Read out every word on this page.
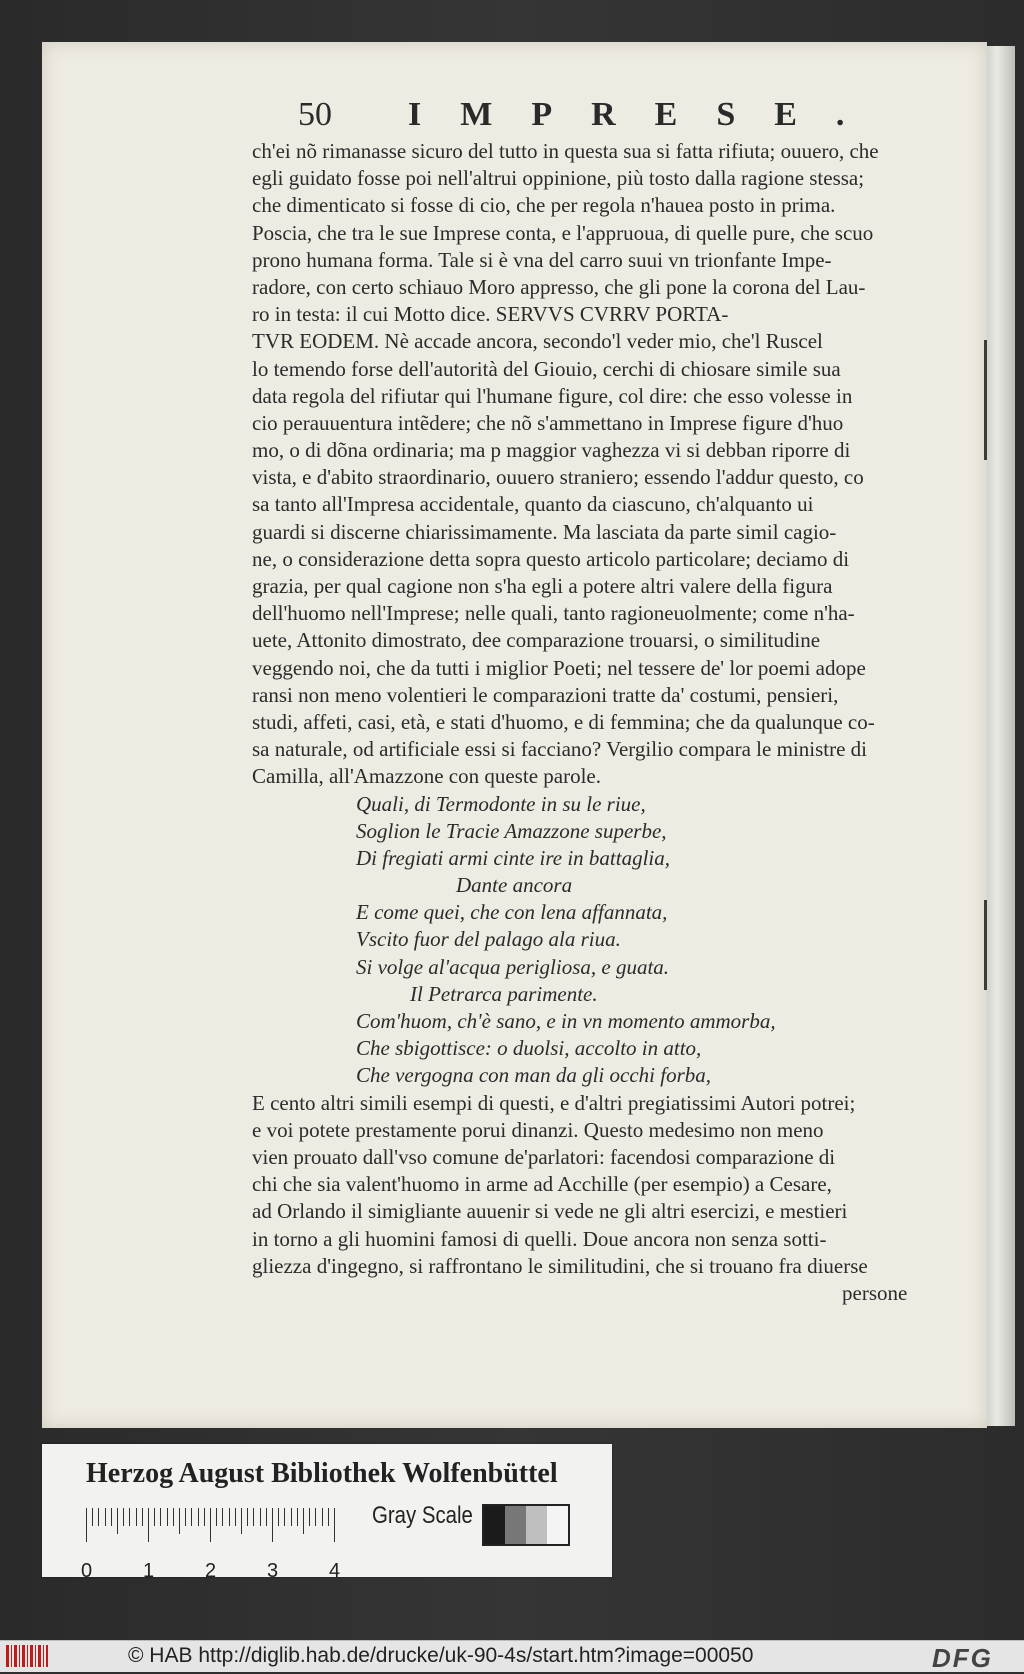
50 IMPRESE.
ch'ei nõ rimanasse sicuro del tutto in questa sua si fatta rifiuta; ouuero, che
egli guidato fosse poi nell'altrui oppinione, più tosto dalla ragione stessa;
che dimenticato si fosse di cio, che per regola n'hauea posto in prima.
Poscia, che tra le sue Imprese conta, e l'appruoua, di quelle pure, che scuo
prono humana forma. Tale si è vna del carro suui vn trionfante Impe-
radore, con certo schiauo Moro appresso, che gli pone la corona del Lau-
ro in testa: il cui Motto dice. SERVVS CVRRV PORTA-
TVR EODEM. Nè accade ancora, secondo'l veder mio, che'l Ruscel
lo temendo forse dell'autorità del Giouio, cerchi di chiosare simile sua
data regola del rifiutar qui l'humane figure, col dire: che esso volesse in
cio perauuentura intẽdere; che nõ s'ammettano in Imprese figure d'huo
mo, o di dõna ordinaria; ma p maggior vaghezza vi si debban riporre di
vista, e d'abito straordinario, ouuero straniero; essendo l'addur questo, co
sa tanto all'Impresa accidentale, quanto da ciascuno, ch'alquanto ui
guardi si discerne chiarissimamente. Ma lasciata da parte simil cagio-
ne, o considerazione detta sopra questo articolo particolare; deciamo di
grazia, per qual cagione non s'ha egli a potere altri valere della figura
dell'huomo nell'Imprese; nelle quali, tanto ragioneuolmente; come n'ha-
uete, Attonito dimostrato, dee comparazione trouarsi, o similitudine
veggendo noi, che da tutti i miglior Poeti; nel tessere de' lor poemi adope
ransi non meno volentieri le comparazioni tratte da' costumi, pensieri,
studi, affeti, casi, età, e stati d'huomo, e di femmina; che da qualunque co-
sa naturale, od artificiale essi si facciano? Vergilio compara le ministre di
Camilla, all'Amazzone con queste parole.
Quali, di Termodonte in su le riue,
Soglion le Tracie Amazzone superbe,
Di fregiati armi cinte ire in battaglia,
Dante ancora
E come quei, che con lena affannata,
Vscito fuor del palago ala riua.
Si volge al'acqua perigliosa, e guata.
Il Petrarca parimente.
Com'huom, ch'è sano, e in vn momento ammorba,
Che sbigottisce: o duolsi, accolto in atto,
Che vergogna con man da gli occhi forba,
E cento altri simili esempi di questi, e d'altri pregiatissimi Autori potrei;
e voi potete prestamente porui dinanzi. Questo medesimo non meno
vien prouato dall'vso comune de'parlatori: facendosi comparazione di
chi che sia valent'huomo in arme ad Acchille (per esempio) a Cesare,
ad Orlando il simigliante auuenir si vede ne gli altri esercizi, e mestieri
in torno a gli huomini famosi di quelli. Doue ancora non senza sotti-
gliezza d'ingegno, si raffrontano le similitudini, che si trouano fra diuerse
persone
Herzog August Bibliothek Wolfenbüttel
0	1	2	3	4
Gray Scale
© HAB http://diglib.hab.de/drucke/uk-90-4s/start.htm?image=00050	DFG
